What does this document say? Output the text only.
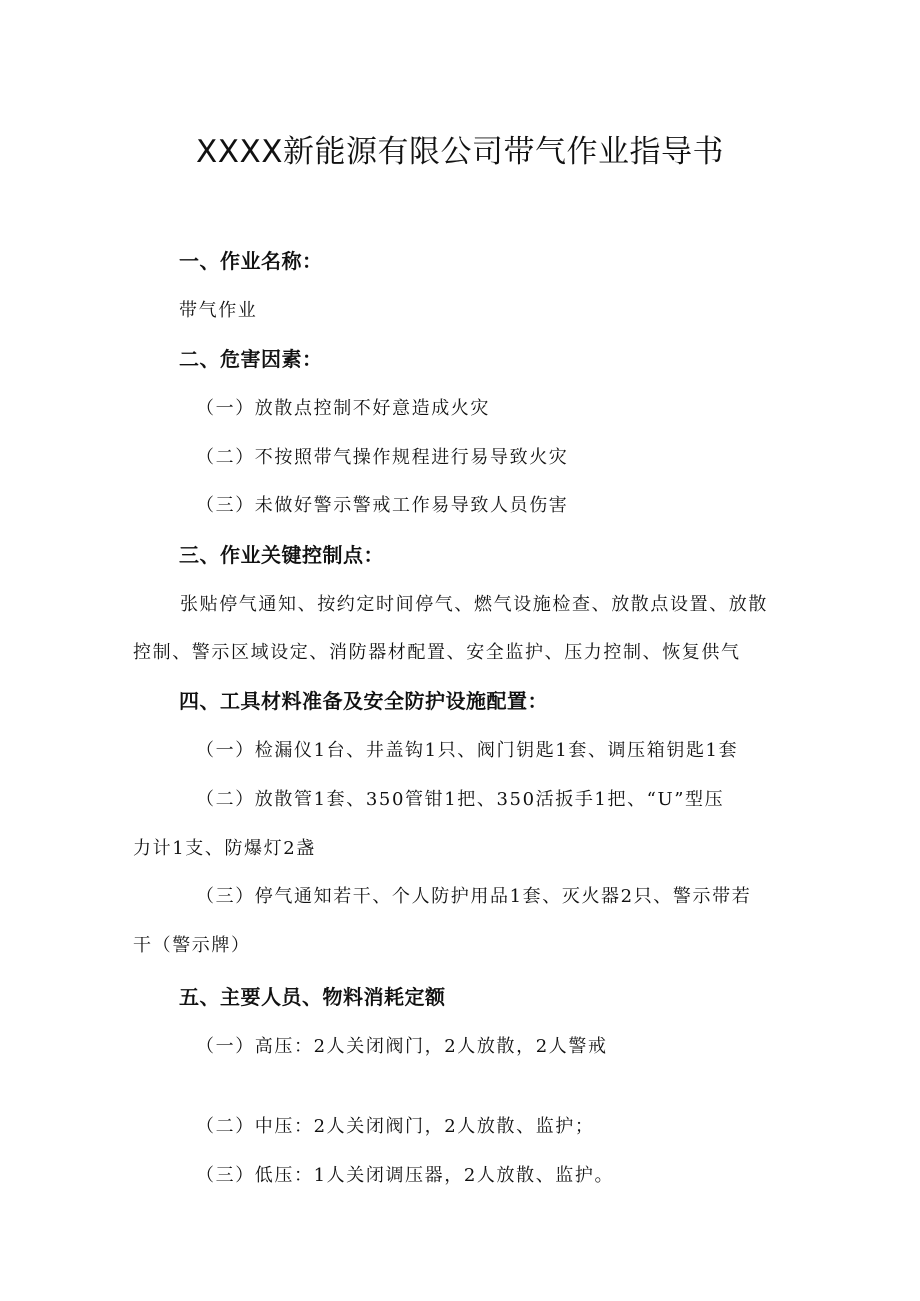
XXXX新能源有限公司带气作业指导书
一、作业名称：
带气作业
二、危害因素：
（一）放散点控制不好意造成火灾
（二）不按照带气操作规程进行易导致火灾
（三）未做好警示警戒工作易导致人员伤害
三、作业关键控制点：
张贴停气通知、按约定时间停气、燃气设施检查、放散点设置、放散
控制、警示区域设定、消防器材配置、安全监护、压力控制、恢复供气
四、工具材料准备及安全防护设施配置：
（一）检漏仪1台、井盖钩1只、阀门钥匙1套、调压箱钥匙1套
（二）放散管1套、350管钳1把、350活扳手1把、“U”型压
力计1支、防爆灯2盏
（三）停气通知若干、个人防护用品1套、灭火器2只、警示带若
干（警示牌）
五、主要人员、物料消耗定额
（一）高压：2人关闭阀门，2人放散，2人警戒
（二）中压：2人关闭阀门，2人放散、监护；
（三）低压：1人关闭调压器，2人放散、监护。
